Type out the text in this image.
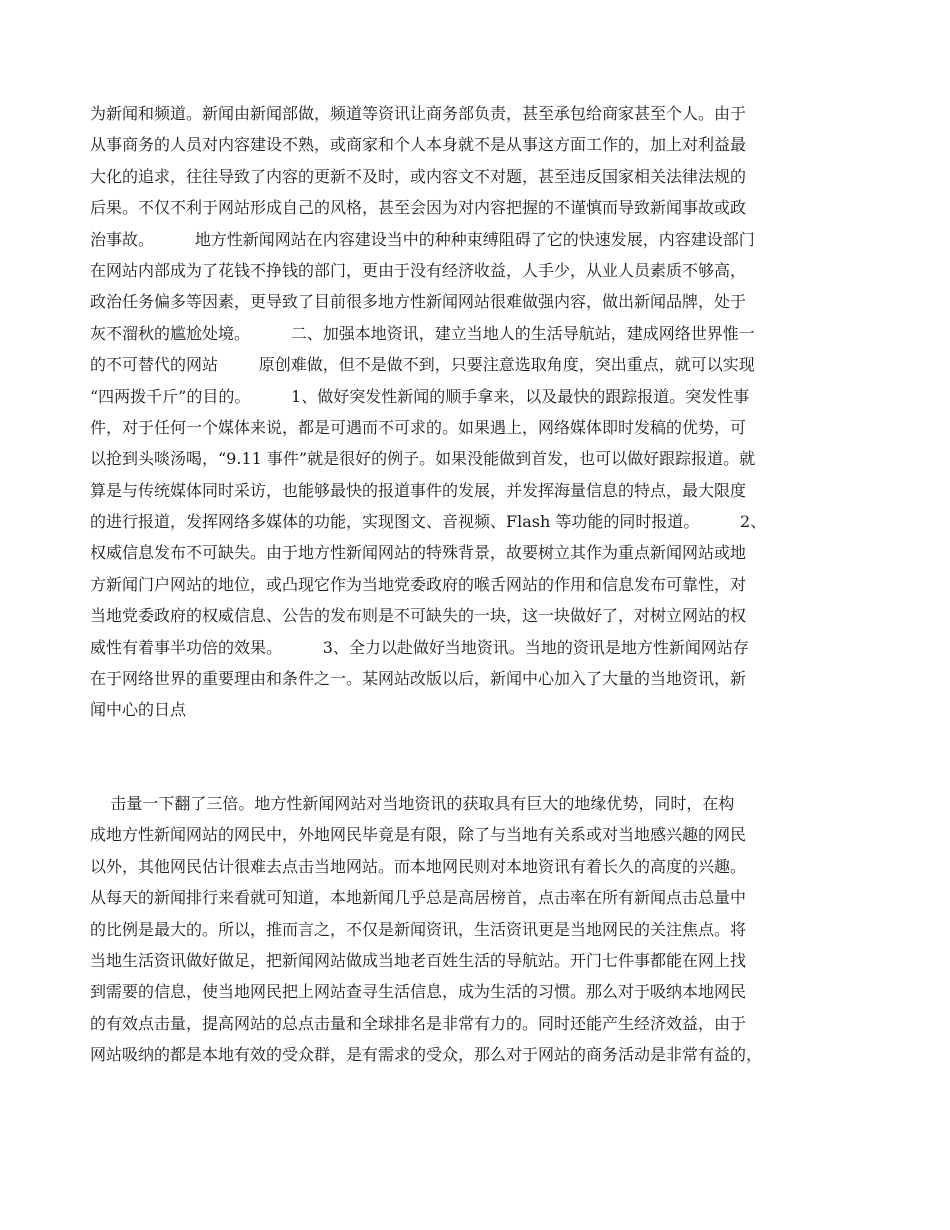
为新闻和频道。新闻由新闻部做，频道等资讯让商务部负责，甚至承包给商家甚至个人。由于
从事商务的人员对内容建设不熟，或商家和个人本身就不是从事这方面工作的，加上对利益最
大化的追求，往往导致了内容的更新不及时，或内容文不对题，甚至违反国家相关法律法规的
后果。不仅不利于网站形成自己的风格，甚至会因为对内容把握的不谨慎而导致新闻事故或政
治事故。        地方性新闻网站在内容建设当中的种种束缚阻碍了它的快速发展，内容建设部门
在网站内部成为了花钱不挣钱的部门，更由于没有经济收益，人手少，从业人员素质不够高，
政治任务偏多等因素，更导致了目前很多地方性新闻网站很难做强内容，做出新闻品牌，处于
灰不溜秋的尴尬处境。        二、加强本地资讯，建立当地人的生活导航站，建成网络世界惟一
的不可替代的网站        原创难做，但不是做不到，只要注意选取角度，突出重点，就可以实现
“四两拨千斤”的目的。        1、做好突发性新闻的顺手拿来，以及最快的跟踪报道。突发性事
件，对于任何一个媒体来说，都是可遇而不可求的。如果遇上，网络媒体即时发稿的优势，可
以抢到头啖汤喝，“9.11 事件”就是很好的例子。如果没能做到首发，也可以做好跟踪报道。就
算是与传统媒体同时采访，也能够最快的报道事件的发展，并发挥海量信息的特点，最大限度
的进行报道，发挥网络多媒体的功能，实现图文、音视频、Flash 等功能的同时报道。        2、
权威信息发布不可缺失。由于地方性新闻网站的特殊背景，故要树立其作为重点新闻网站或地
方新闻门户网站的地位，或凸现它作为当地党委政府的喉舌网站的作用和信息发布可靠性，对
当地党委政府的权威信息、公告的发布则是不可缺失的一块，这一块做好了，对树立网站的权
威性有着事半功倍的效果。        3、全力以赴做好当地资讯。当地的资讯是地方性新闻网站存
在于网络世界的重要理由和条件之一。某网站改版以后，新闻中心加入了大量的当地资讯，新
闻中心的日点
击量一下翻了三倍。地方性新闻网站对当地资讯的获取具有巨大的地缘优势，同时，在构
成地方性新闻网站的网民中，外地网民毕竟是有限，除了与当地有关系或对当地感兴趣的网民
以外，其他网民估计很难去点击当地网站。而本地网民则对本地资讯有着长久的高度的兴趣。
从每天的新闻排行来看就可知道，本地新闻几乎总是高居榜首，点击率在所有新闻点击总量中
的比例是最大的。所以，推而言之，不仅是新闻资讯，生活资讯更是当地网民的关注焦点。将
当地生活资讯做好做足，把新闻网站做成当地老百姓生活的导航站。开门七件事都能在网上找
到需要的信息，使当地网民把上网站查寻生活信息，成为生活的习惯。那么对于吸纳本地网民
的有效点击量，提高网站的总点击量和全球排名是非常有力的。同时还能产生经济效益，由于
网站吸纳的都是本地有效的受众群，是有需求的受众，那么对于网站的商务活动是非常有益的，
